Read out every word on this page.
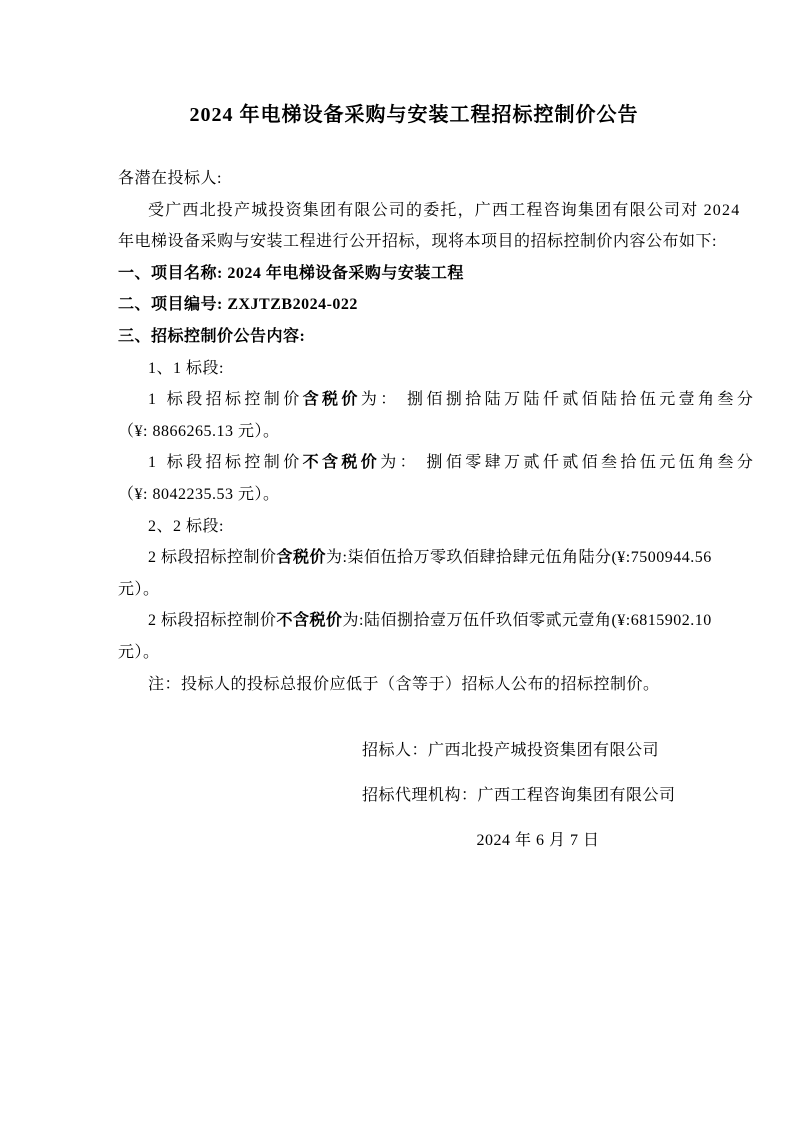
2024 年电梯设备采购与安装工程招标控制价公告
各潜在投标人:
受广西北投产城投资集团有限公司的委托，广西工程咨询集团有限公司对 2024
年电梯设备采购与安装工程进行公开招标，现将本项目的招标控制价内容公布如下:
一、项目名称: 2024 年电梯设备采购与安装工程
二、项目编号: ZXJTZB2024-022
三、招标控制价公告内容:
1、1 标段:
1 标段招标控制价含税价为： 捌佰捌拾陆万陆仟贰佰陆拾伍元壹角叁分
（¥: 8866265.13 元）。
1 标段招标控制价不含税价为： 捌佰零肆万贰仟贰佰叁拾伍元伍角叁分
（¥: 8042235.53 元）。
2、2 标段:
2 标段招标控制价含税价为:柒佰伍拾万零玖佰肆拾肆元伍角陆分(¥:7500944.56
元）。
2 标段招标控制价不含税价为:陆佰捌拾壹万伍仟玖佰零贰元壹角(¥:6815902.10
元）。
注：投标人的投标总报价应低于（含等于）招标人公布的招标控制价。
招标人：广西北投产城投资集团有限公司
招标代理机构：广西工程咨询集团有限公司
2024 年 6 月 7 日
